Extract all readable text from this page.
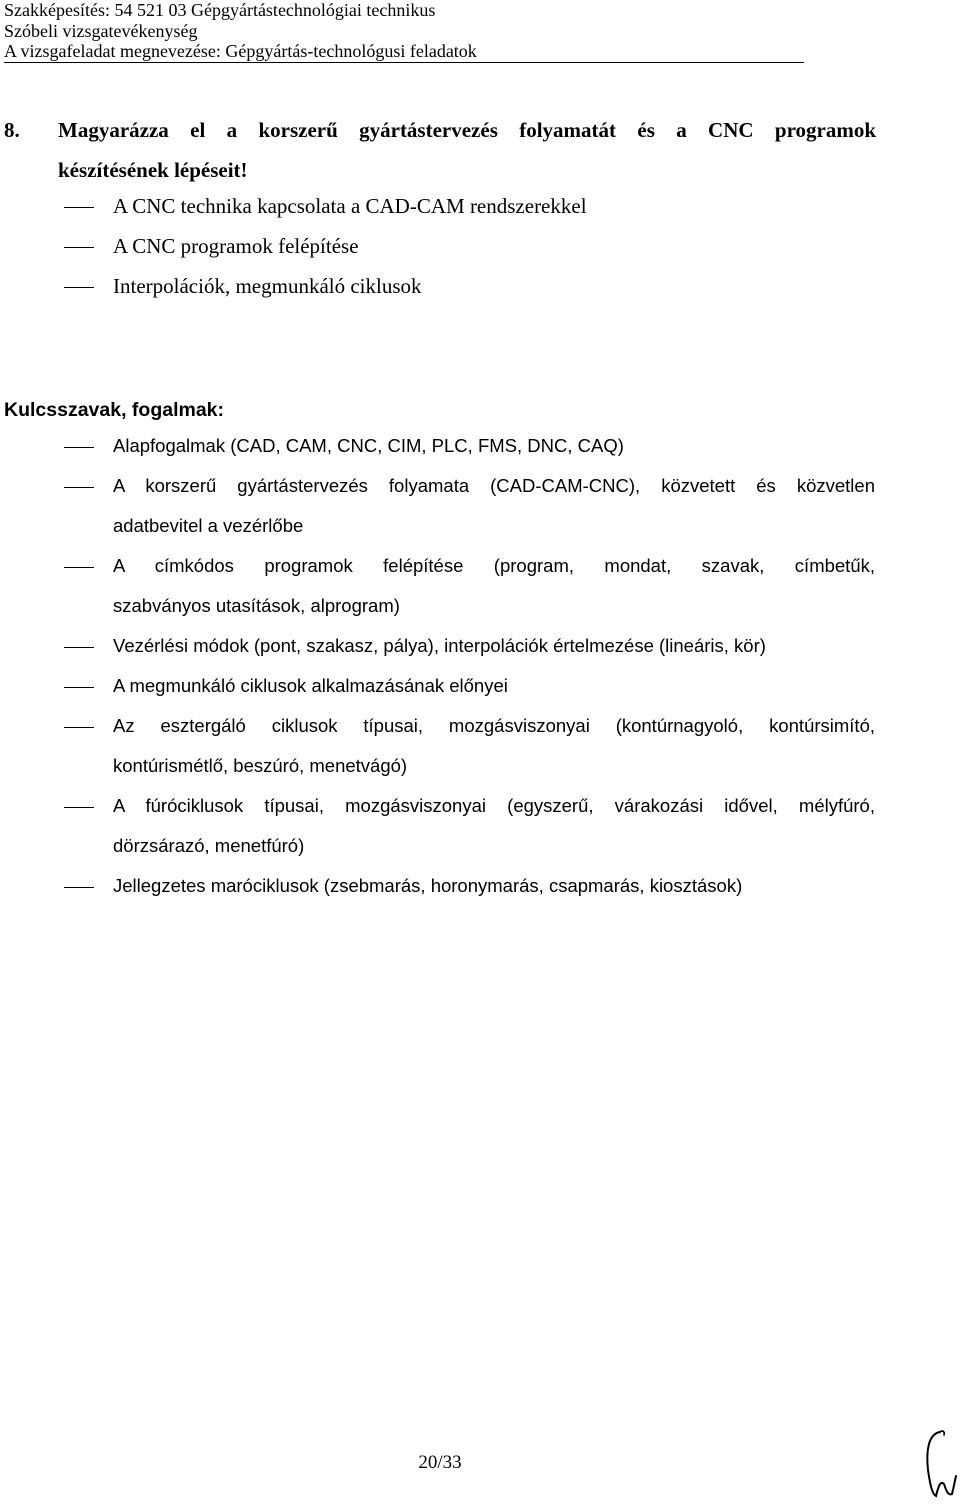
Szakképesítés: 54 521 03 Gépgyártástechnológiai technikus
Szóbeli vizsgatevékenység
A vizsgafeladat megnevezése: Gépgyártás-technológusi feladatok
8. Magyarázza el a korszerű gyártástervezés folyamatát és a CNC programok
készítésének lépéseit!
A CNC technika kapcsolata a CAD-CAM rendszerekkel
A CNC programok felépítése
Interpolációk, megmunkáló ciklusok
Kulcsszavak, fogalmak:
Alapfogalmak (CAD, CAM, CNC, CIM, PLC, FMS, DNC, CAQ)
A korszerű gyártástervezés folyamata (CAD-CAM-CNC), közvetett és közvetlen
adatbevitel a vezérlőbe
A címkódos programok felépítése (program, mondat, szavak, címbetűk,
szabványos utasítások, alprogram)
Vezérlési módok (pont, szakasz, pálya), interpolációk értelmezése (lineáris, kör)
A megmunkáló ciklusok alkalmazásának előnyei
Az esztergáló ciklusok típusai, mozgásviszonyai (kontúrnagyoló, kontúrsimító,
kontúrismétlő, beszúró, menetvágó)
A fúróciklusok típusai, mozgásviszonyai (egyszerű, várakozási idővel, mélyfúró,
dörzsárazó, menetfúró)
Jellegzetes maróciklusok (zsebmarás, horonymarás, csapmarás, kiosztások)
20/33
